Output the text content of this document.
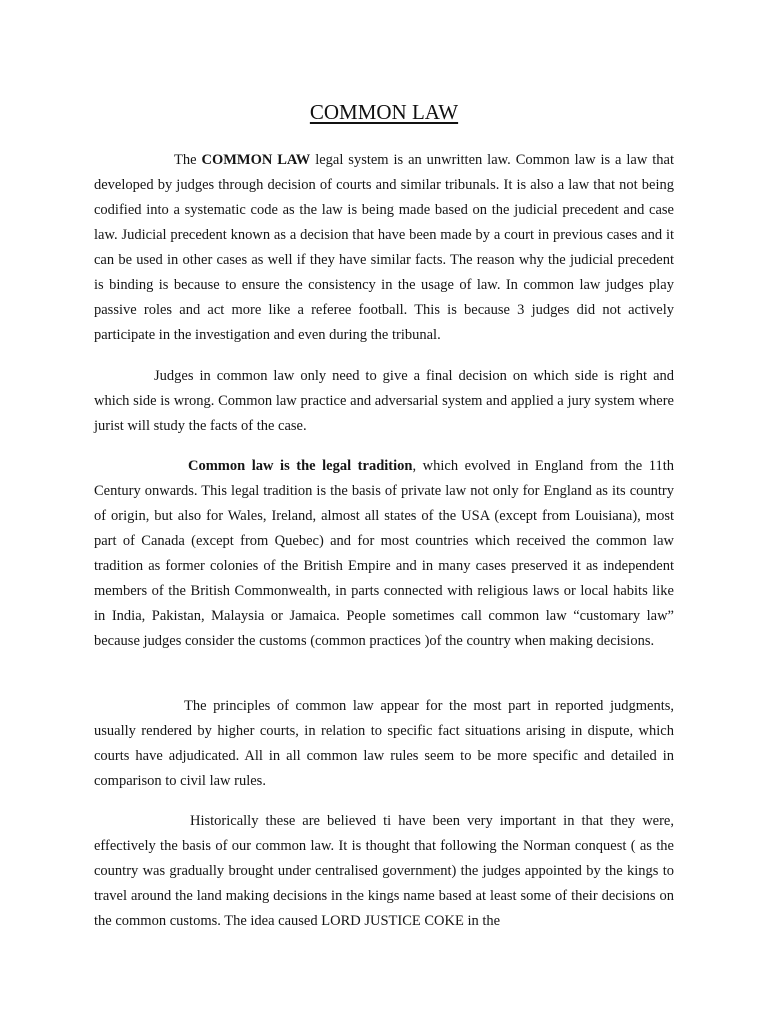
COMMON LAW

The COMMON LAW legal system is an unwritten law. Common law is a law that developed by judges through decision of courts and similar tribunals. It is also a law that not being codified into a systematic code as the law is being made based on the judicial precedent and case law. Judicial precedent known as a decision that have been made by a court in previous cases and it can be used in other cases as well if they have similar facts. The reason why the judicial precedent is binding is because to ensure the consistency in the usage of law. In common law judges play passive roles and act more like a referee football. This is because 3 judges did not actively participate in the investigation and even during the tribunal.

Judges in common law only need to give a final decision on which side is right and which side is wrong. Common law practice and adversarial system and applied a jury system where jurist will study the facts of the case.

Common law is the legal tradition, which evolved in England from the 11th Century onwards. This legal tradition is the basis of private law not only for England as its country of origin, but also for Wales, Ireland, almost all states of the USA (except from Louisiana), most part of Canada (except from Quebec) and for most countries which received the common law tradition as former colonies of the British Empire and in many cases preserved it as independent members of the British Commonwealth, in parts connected with religious laws or local habits like in India, Pakistan, Malaysia or Jamaica. People sometimes call common law “customary law” because judges consider the customs (common practices )of the country when making decisions.

The principles of common law appear for the most part in reported judgments, usually rendered by higher courts, in relation to specific fact situations arising in dispute, which courts have adjudicated. All in all common law rules seem to be more specific and detailed in comparison to civil law rules.

Historically these are believed ti have been very important in that they were, effectively the basis of our common law. It is thought that following the Norman conquest ( as the country was gradually brought under centralised government) the judges appointed by the kings to travel around the land making decisions in the kings name based at least some of their decisions on the common customs. The idea caused LORD JUSTICE COKE in the
